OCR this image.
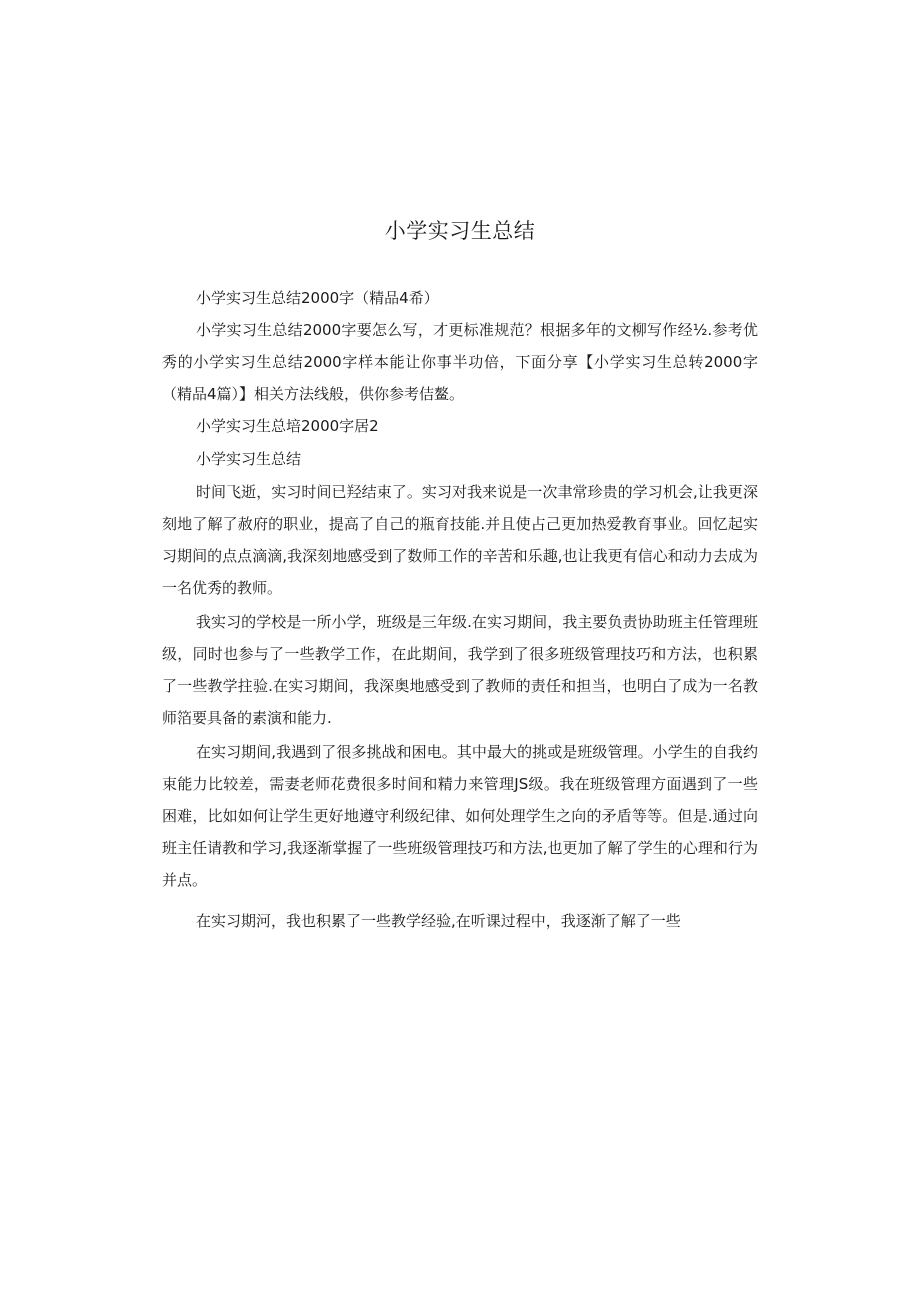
小学实习生总结

小学实习生总结2000字（精品4希）

小学实习生总结2000字要怎么写，才更标准规范？根据多年的文柳写作经½.参考优秀的小学实习生总结2000字样本能让你事半功倍，下面分享【小学实习生总转2000字（精品4篇）】相关方法线般，供你参考佶鳌。

小学实习生总培2000字居2

小学实习生总结

时间飞逝，实习时间已羟结束了。实习对我来说是一次聿常珍贵的学习机会,让我更深刻地了解了赦府的职业，提高了自己的瓶育技能.并且使占己更加热爱教育事业。回忆起实习期间的点点滴滴,我深刻地感受到了数师工作的辛苦和乐趣,也让我更有信心和动力去成为一名优秀的教师。

我实习的学校是一所小学，班级是三年级.在实习期间，我主要负责协助班主任管理班级，同时也参与了一些教学工作，在此期间，我学到了很多班级管理技巧和方法，也积累了一些教学拄验.在实习期间，我深奥地感受到了教师的责任和担当，也明白了成为一名教师箔要具备的素演和能力.

在实习期间,我遇到了很多挑战和困电。其中最大的挑或是班级管理。小学生的自我约束能力比较差，需妻老师花费很多时间和精力来管理JS级。我在班级管理方面遇到了一些困难，比如如何让学生更好地遵守利级纪律、如何处理学生之向的矛盾等等。但是.通过向班主任请教和学习,我逐渐掌握了一些班级管理技巧和方法,也更加了解了学生的心理和行为并点。

在实习期河，我也积累了一些教学经验,在听课过程中，我逐渐了解了一些
